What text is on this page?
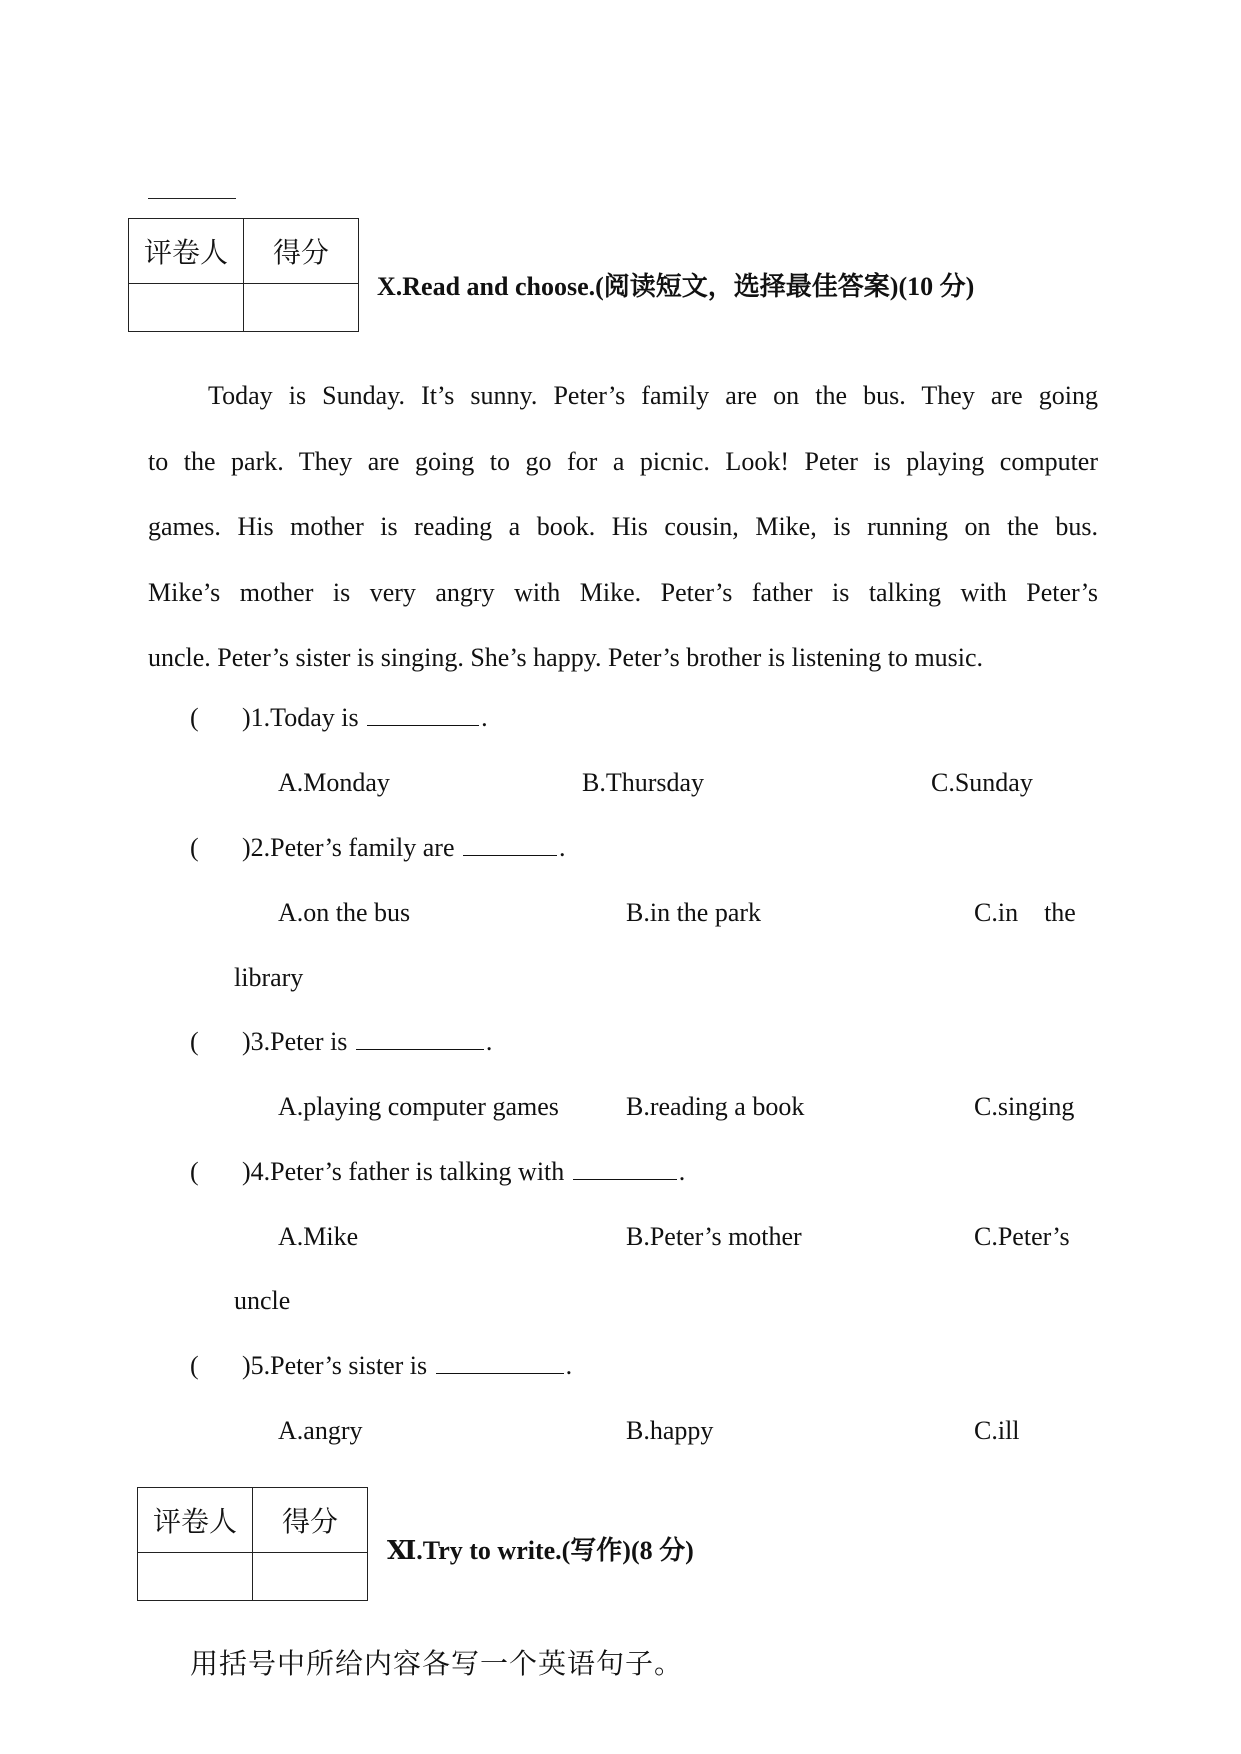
评卷人	得分

X.Read and choose.(阅读短文，选择最佳答案)(10 分)
Today is Sunday. It’s sunny. Peter’s family are on the bus. They are going
to the park. They are going to go for a picnic. Look! Peter is playing computer
games. His mother is reading a book. His cousin, Mike, is running on the bus.
Mike’s mother is very angry with Mike. Peter’s father is talking with Peter’s
uncle. Peter’s sister is singing. She’s happy. Peter’s brother is listening to music.
( )1.Today is	.
A.Monday	B.Thursday	C.Sunday
( )2.Peter’s family are	.
A.on the bus	B.in the park	C.in    the
library
( )3.Peter is	.
A.playing computer games	B.reading a book	C.singing
( )4.Peter’s father is talking with	.
A.Mike	B.Peter’s mother	C.Peter’s
uncle
( )5.Peter’s sister is	.
A.angry	B.happy	C.ill
评卷人	得分

Ⅺ.Try to write.(写作)(8 分)
用括号中所给内容各写一个英语句子。
